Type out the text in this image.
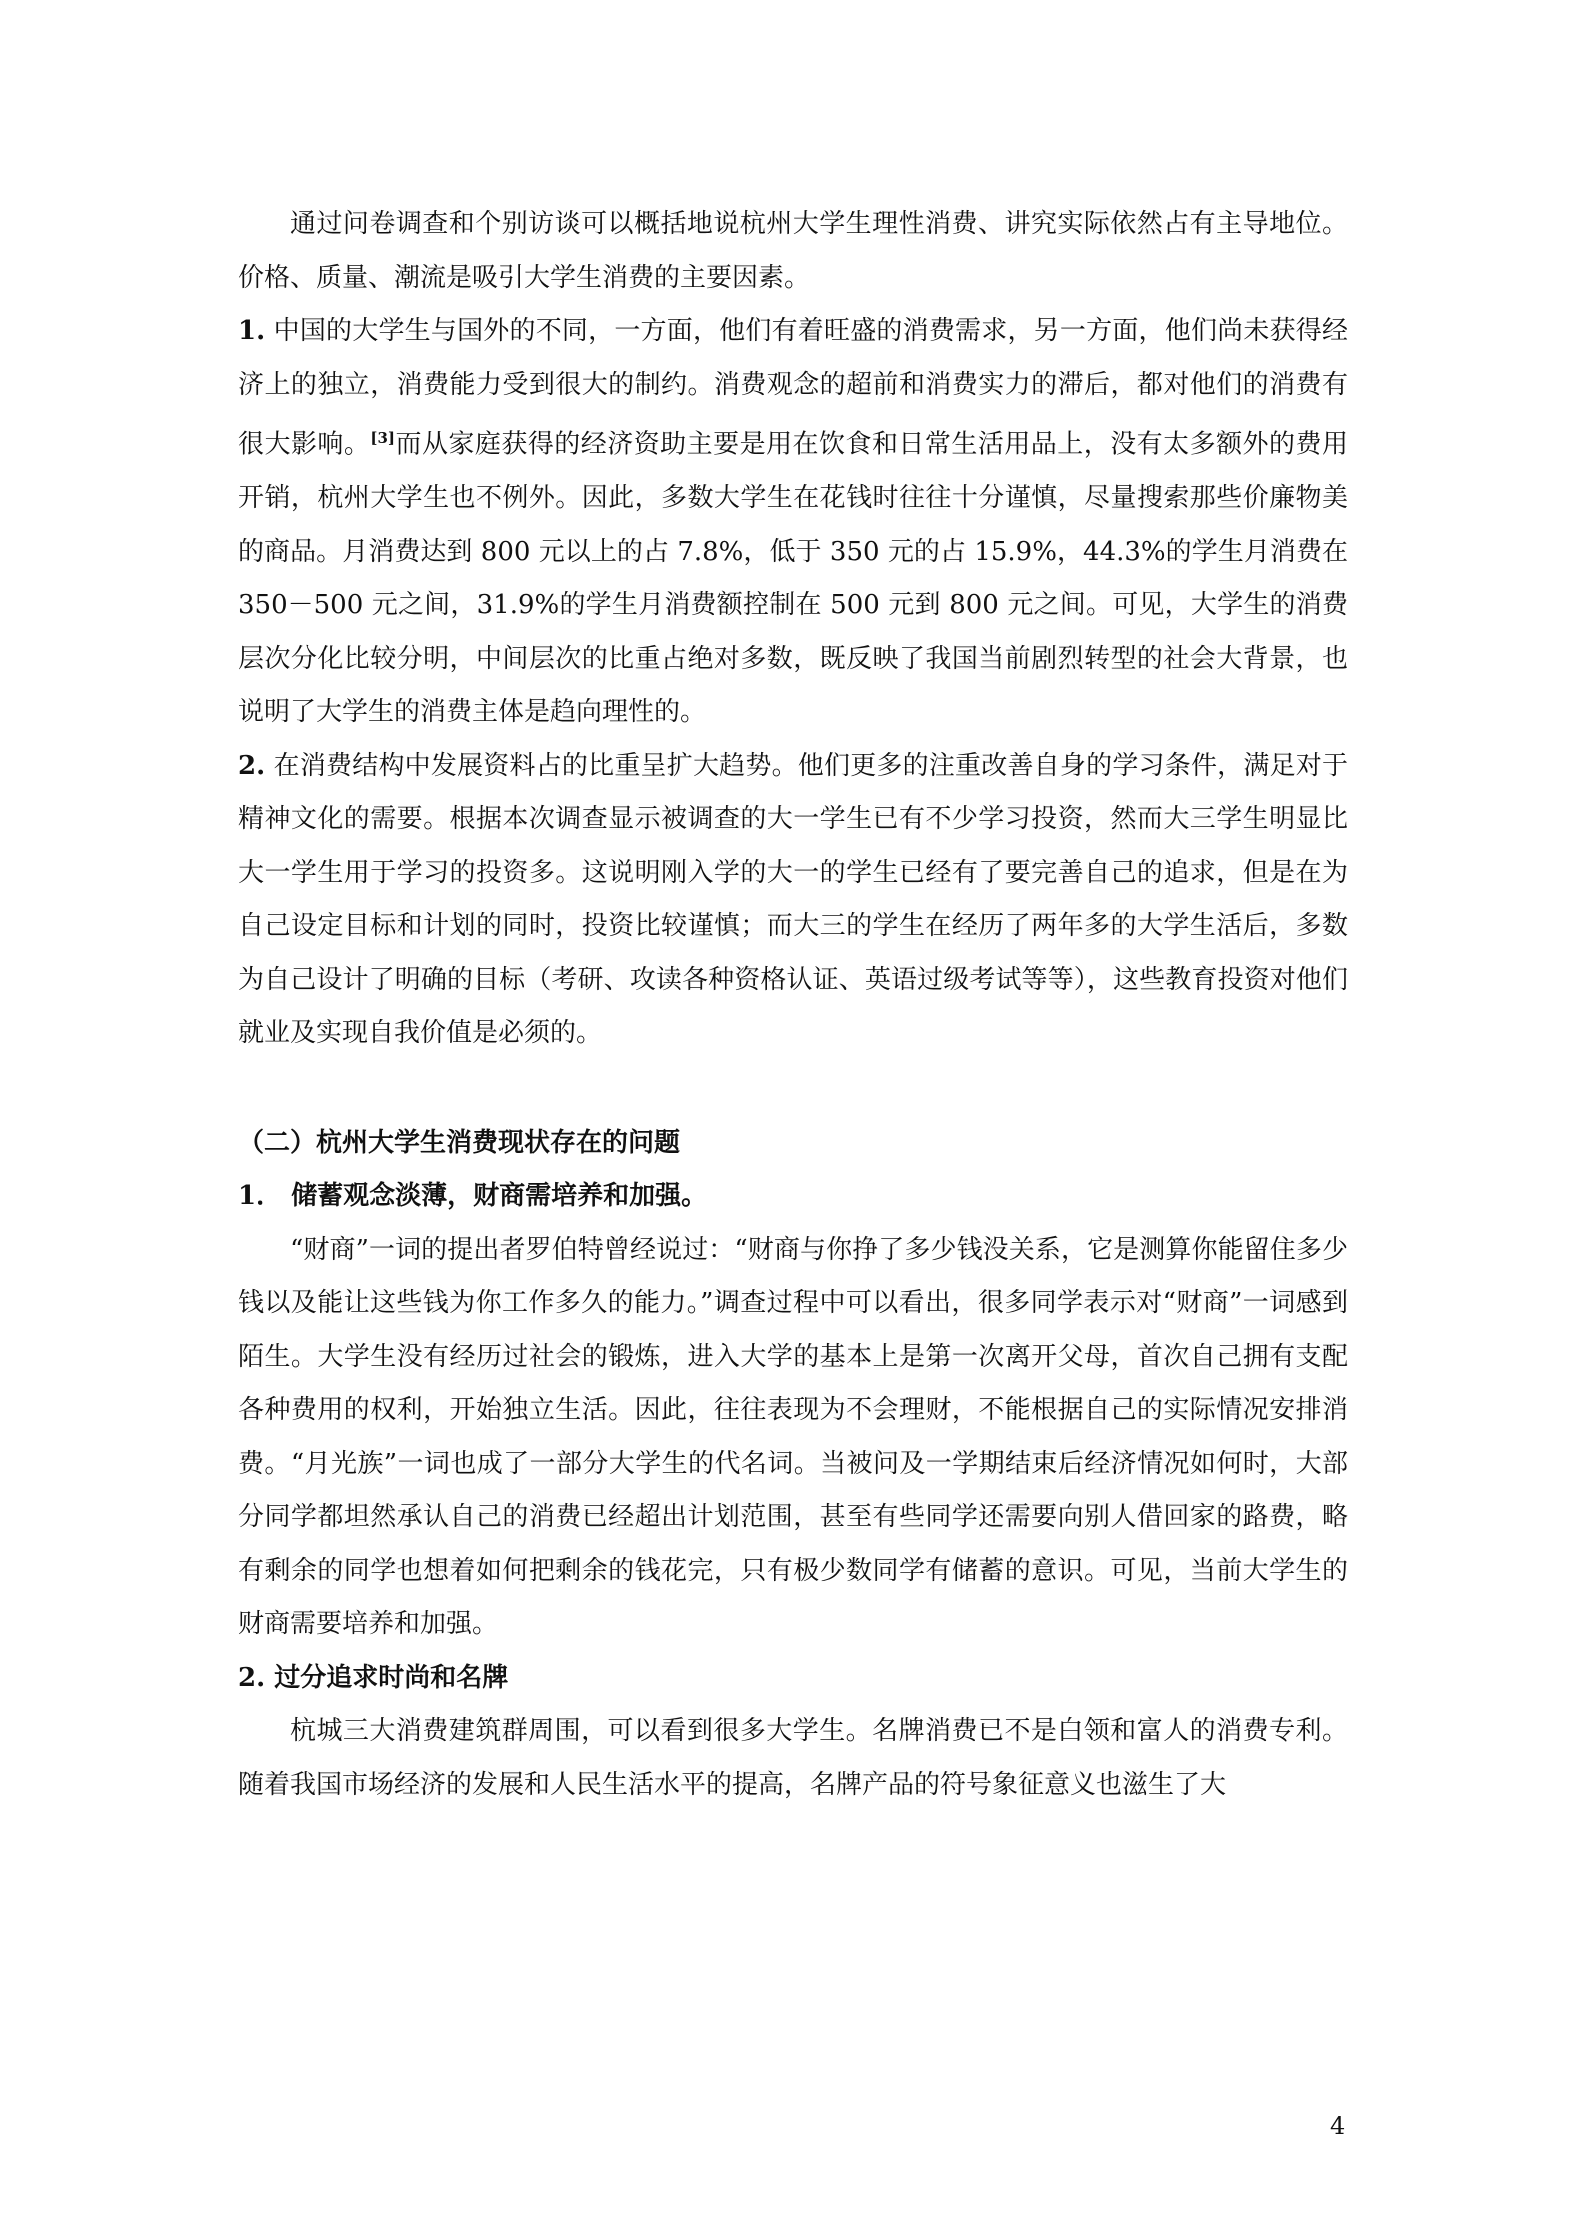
通过问卷调查和个别访谈可以概括地说杭州大学生理性消费、讲究实际依然占有主导地位。价格、质量、潮流是吸引大学生消费的主要因素。

1. 中国的大学生与国外的不同，一方面，他们有着旺盛的消费需求，另一方面，他们尚未获得经济上的独立，消费能力受到很大的制约。消费观念的超前和消费实力的滞后，都对他们的消费有很大影响。[3]而从家庭获得的经济资助主要是用在饮食和日常生活用品上，没有太多额外的费用开销，杭州大学生也不例外。因此，多数大学生在花钱时往往十分谨慎，尽量搜索那些价廉物美的商品。月消费达到 800 元以上的占 7.8%，低于 350 元的占 15.9%，44.3%的学生月消费在 350－500 元之间，31.9%的学生月消费额控制在 500 元到 800 元之间。可见，大学生的消费层次分化比较分明，中间层次的比重占绝对多数，既反映了我国当前剧烈转型的社会大背景，也说明了大学生的消费主体是趋向理性的。

2. 在消费结构中发展资料占的比重呈扩大趋势。他们更多的注重改善自身的学习条件，满足对于精神文化的需要。根据本次调查显示被调查的大一学生已有不少学习投资，然而大三学生明显比大一学生用于学习的投资多。这说明刚入学的大一的学生已经有了要完善自己的追求，但是在为自己设定目标和计划的同时，投资比较谨慎；而大三的学生在经历了两年多的大学生活后，多数为自己设计了明确的目标（考研、攻读各种资格认证、英语过级考试等等），这些教育投资对他们就业及实现自我价值是必须的。

（二）杭州大学生消费现状存在的问题

1． 储蓄观念淡薄，财商需培养和加强。

“财商”一词的提出者罗伯特曾经说过：“财商与你挣了多少钱没关系，它是测算你能留住多少钱以及能让这些钱为你工作多久的能力。”调查过程中可以看出，很多同学表示对“财商”一词感到陌生。大学生没有经历过社会的锻炼，进入大学的基本上是第一次离开父母，首次自己拥有支配各种费用的权利，开始独立生活。因此，往往表现为不会理财，不能根据自己的实际情况安排消费。“月光族”一词也成了一部分大学生的代名词。当被问及一学期结束后经济情况如何时，大部分同学都坦然承认自己的消费已经超出计划范围，甚至有些同学还需要向别人借回家的路费，略有剩余的同学也想着如何把剩余的钱花完，只有极少数同学有储蓄的意识。可见，当前大学生的财商需要培养和加强。

2. 过分追求时尚和名牌

杭城三大消费建筑群周围，可以看到很多大学生。名牌消费已不是白领和富人的消费专利。随着我国市场经济的发展和人民生活水平的提高，名牌产品的符号象征意义也滋生了大

4
